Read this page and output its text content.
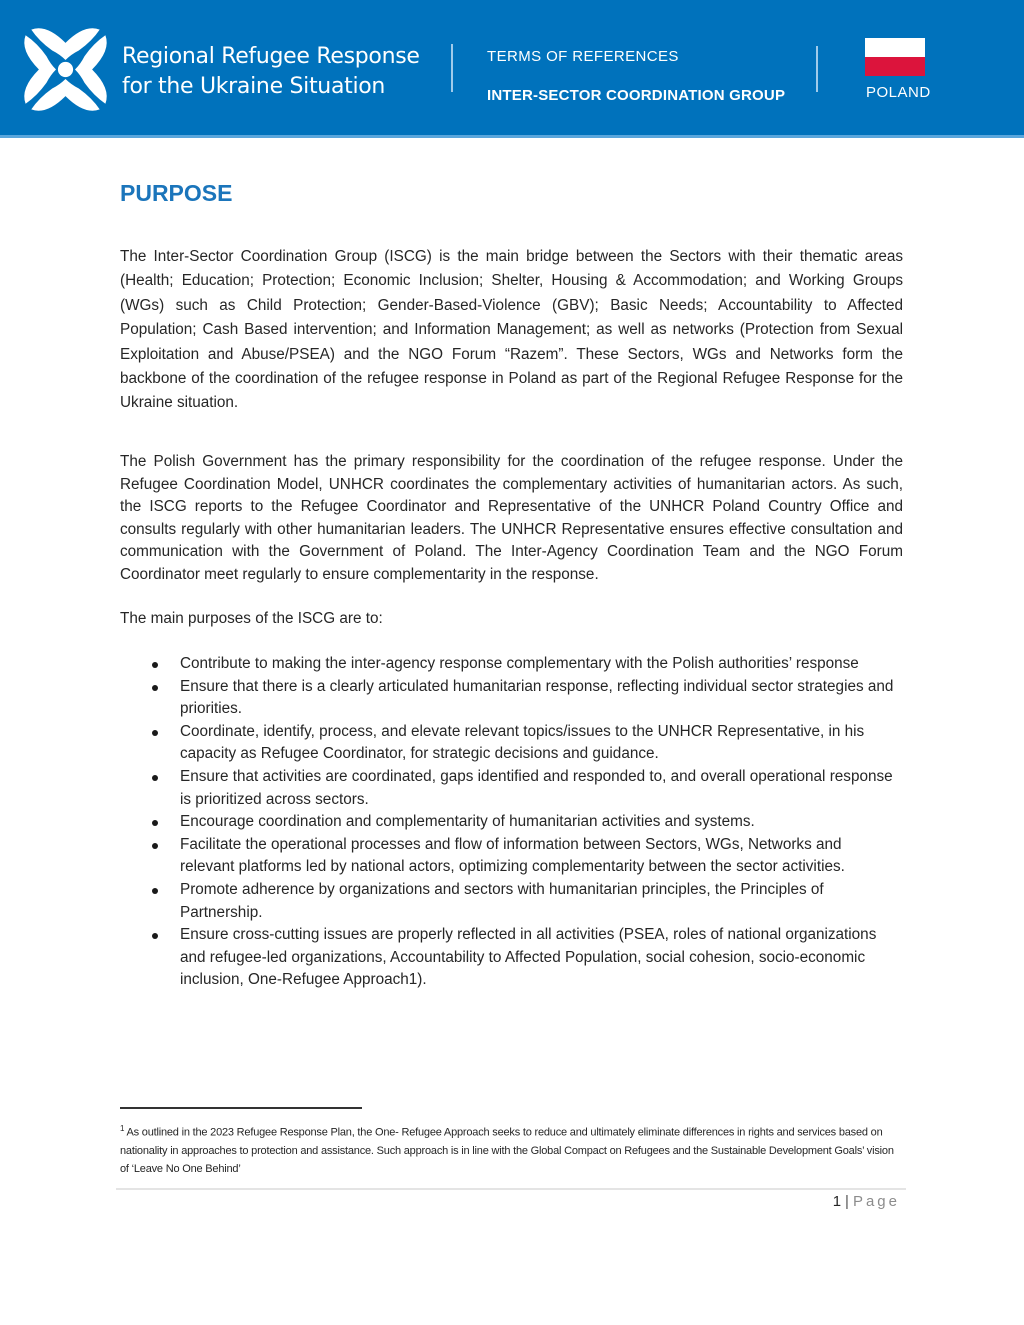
Regional Refugee Response
for the Ukraine Situation
TERMS OF REFERENCES
INTER-SECTOR COORDINATION GROUP	POLAND
PURPOSE

The Inter-Sector Coordination Group (ISCG) is the main bridge between the Sectors with their thematic areas (Health; Education; Protection; Economic Inclusion; Shelter, Housing & Accommodation; and Working Groups (WGs) such as Child Protection; Gender-Based-Violence (GBV); Basic Needs; Accountability to Affected Population; Cash Based intervention; and Information Management; as well as networks (Protection from Sexual Exploitation and Abuse/PSEA) and the NGO Forum “Razem”. These Sectors, WGs and Networks form the backbone of the coordination of the refugee response in Poland as part of the Regional Refugee Response for the Ukraine situation.

The Polish Government has the primary responsibility for the coordination of the refugee response. Under the Refugee Coordination Model, UNHCR coordinates the complementary activities of humanitarian actors. As such, the ISCG reports to the Refugee Coordinator and Representative of the UNHCR Poland Country Office and consults regularly with other humanitarian leaders. The UNHCR Representative ensures effective consultation and communication with the Government of Poland. The Inter-Agency Coordination Team and the NGO Forum Coordinator meet regularly to ensure complementarity in the response.

The main purposes of the ISCG are to:

Contribute to making the inter-agency response complementary with the Polish authorities’ response
Ensure that there is a clearly articulated humanitarian response, reflecting individual sector strategies and priorities.
Coordinate, identify, process, and elevate relevant topics/issues to the UNHCR Representative, in his capacity as Refugee Coordinator, for strategic decisions and guidance.
Ensure that activities are coordinated, gaps identified and responded to, and overall operational response is prioritized across sectors.
Encourage coordination and complementarity of humanitarian activities and systems.
Facilitate the operational processes and flow of information between Sectors, WGs, Networks and relevant platforms led by national actors, optimizing complementarity between the sector activities.
Promote adherence by organizations and sectors with humanitarian principles, the Principles of Partnership.
Ensure cross-cutting issues are properly reflected in all activities (PSEA, roles of national organizations and refugee-led organizations, Accountability to Affected Population, social cohesion, socio-economic inclusion, One-Refugee Approach1).

$^1$ As outlined in the 2023 Refugee Response Plan, the One- Refugee Approach seeks to reduce and ultimately eliminate differences in rights and services based on nationality in approaches to protection and assistance. Such approach is in line with the Global Compact on Refugees and the Sustainable Development Goals’ vision of ‘Leave No One Behind’

1 | Page
